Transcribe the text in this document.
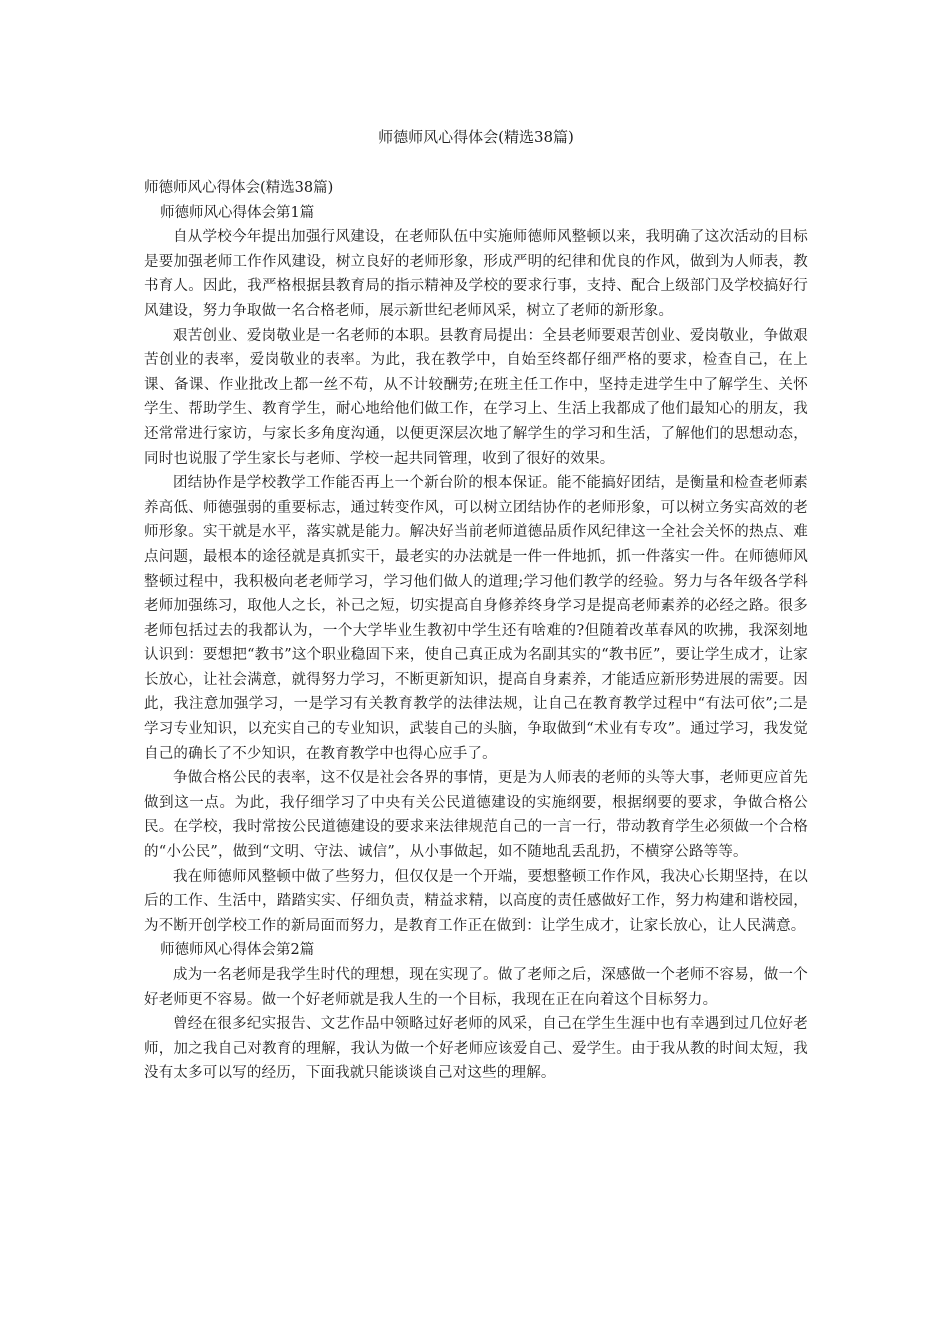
师德师风心得体会(精选38篇)

师德师风心得体会(精选38篇)

师德师风心得体会第1篇

自从学校今年提出加强行风建设，在老师队伍中实施师德师风整顿以来，我明确了这次活动的目标是要加强老师工作作风建设，树立良好的老师形象，形成严明的纪律和优良的作风，做到为人师表，教书育人。因此，我严格根据县教育局的指示精神及学校的要求行事，支持、配合上级部门及学校搞好行风建设，努力争取做一名合格老师，展示新世纪老师风采，树立了老师的新形象。

艰苦创业、爱岗敬业是一名老师的本职。县教育局提出：全县老师要艰苦创业、爱岗敬业，争做艰苦创业的表率，爱岗敬业的表率。为此，我在教学中，自始至终都仔细严格的要求，检查自己，在上课、备课、作业批改上都一丝不苟，从不计较酬劳;在班主任工作中，坚持走进学生中了解学生、关怀学生、帮助学生、教育学生，耐心地给他们做工作，在学习上、生活上我都成了他们最知心的朋友，我还常常进行家访，与家长多角度沟通，以便更深层次地了解学生的学习和生活，了解他们的思想动态，同时也说服了学生家长与老师、学校一起共同管理，收到了很好的效果。

团结协作是学校教学工作能否再上一个新台阶的根本保证。能不能搞好团结，是衡量和检查老师素养高低、师德强弱的重要标志，通过转变作风，可以树立团结协作的老师形象，可以树立务实高效的老师形象。实干就是水平，落实就是能力。解决好当前老师道德品质作风纪律这一全社会关怀的热点、难点问题，最根本的途径就是真抓实干，最老实的办法就是一件一件地抓，抓一件落实一件。在师德师风整顿过程中，我积极向老老师学习，学习他们做人的道理;学习他们教学的经验。努力与各年级各学科老师加强练习，取他人之长，补己之短，切实提高自身修养终身学习是提高老师素养的必经之路。很多老师包括过去的我都认为，一个大学毕业生教初中学生还有啥难的?但随着改革春风的吹拂，我深刻地认识到：要想把“教书”这个职业稳固下来，使自己真正成为名副其实的“教书匠”，要让学生成才，让家长放心，让社会满意，就得努力学习，不断更新知识，提高自身素养，才能适应新形势进展的需要。因此，我注意加强学习，一是学习有关教育教学的法律法规，让自己在教育教学过程中“有法可依”;二是学习专业知识，以充实自己的专业知识，武装自己的头脑，争取做到“术业有专攻”。通过学习，我发觉自己的确长了不少知识，在教育教学中也得心应手了。

争做合格公民的表率，这不仅是社会各界的事情，更是为人师表的老师的头等大事，老师更应首先做到这一点。为此，我仔细学习了中央有关公民道德建设的实施纲要，根据纲要的要求，争做合格公民。在学校，我时常按公民道德建设的要求来法律规范自己的一言一行，带动教育学生必须做一个合格的“小公民”，做到“文明、守法、诚信”，从小事做起，如不随地乱丢乱扔，不横穿公路等等。

我在师德师风整顿中做了些努力，但仅仅是一个开端，要想整顿工作作风，我决心长期坚持，在以后的工作、生活中，踏踏实实、仔细负责，精益求精，以高度的责任感做好工作，努力构建和谐校园，为不断开创学校工作的新局面而努力，是教育工作正在做到：让学生成才，让家长放心，让人民满意。

师德师风心得体会第2篇

成为一名老师是我学生时代的理想，现在实现了。做了老师之后，深感做一个老师不容易，做一个好老师更不容易。做一个好老师就是我人生的一个目标，我现在正在向着这个目标努力。

曾经在很多纪实报告、文艺作品中领略过好老师的风采，自己在学生生涯中也有幸遇到过几位好老师，加之我自己对教育的理解，我认为做一个好老师应该爱自己、爱学生。由于我从教的时间太短，我没有太多可以写的经历，下面我就只能谈谈自己对这些的理解。
